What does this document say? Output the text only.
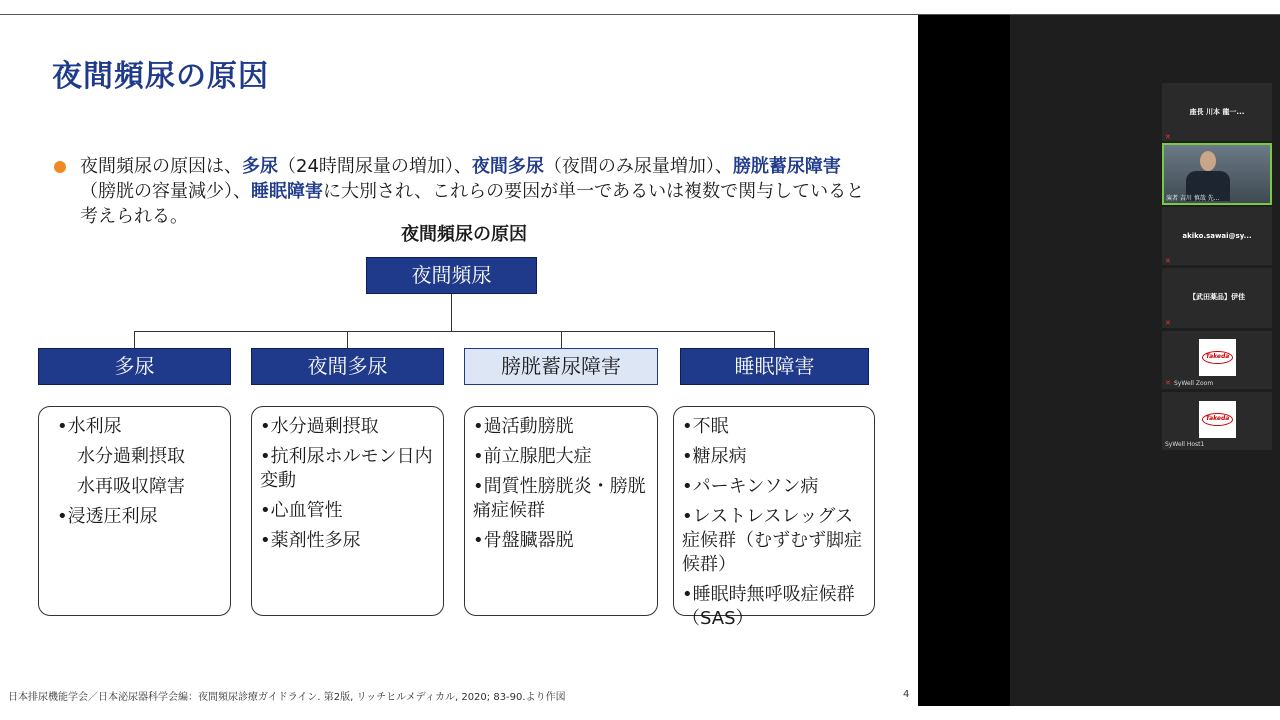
夜間頻尿の原因
夜間頻尿の原因は、多尿（24時間尿量の増加）、夜間多尿（夜間のみ尿量増加）、膀胱蓄尿障害（膀胱の容量減少）、睡眠障害に大別され、これらの要因が単一であるいは複数で関与していると考えられる。
夜間頻尿の原因
夜間頻尿
多尿	夜間多尿	膀胱蓄尿障害	睡眠障害
•水利尿
水分過剰摂取
水再吸収障害
•浸透圧利尿
•水分過剰摂取
•抗利尿ホルモン日内変動
•心血管性
•薬剤性多尿
•過活動膀胱
•前立腺肥大症
•間質性膀胱炎・膀胱痛症候群
•骨盤臓器脱
•不眠
•糖尿病
•パーキンソン病
•レストレスレッグス症候群（むずむず脚症候群）
•睡眠時無呼吸症候群（SAS）
日本排尿機能学会／日本泌尿器科学会編：夜間頻尿診療ガイドライン. 第2版, リッチヒルメディカル, 2020; 83-90.より作図	4
座長 川本 龍一...
✕
演者 吉川 慎哉 先...
akiko.sawai@sy...
✕
【武田薬品】伊佳
✕
✕ SyWell Zoom
Takeda
SyWell Host1
Takeda
